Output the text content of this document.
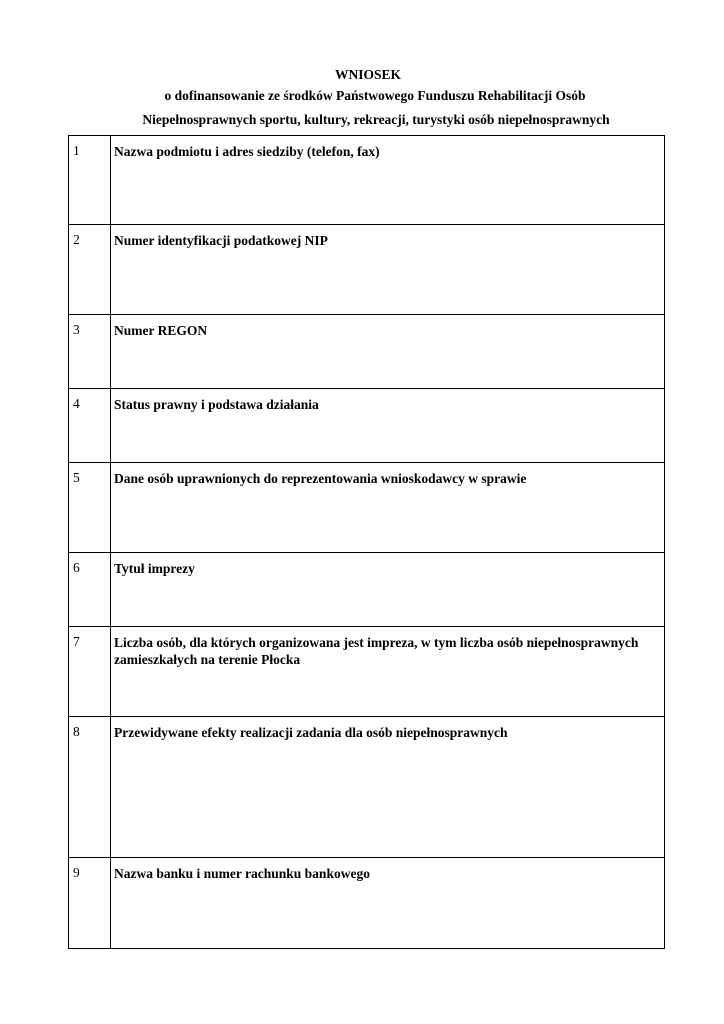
WNIOSEK

o dofinansowanie ze środków Państwowego Funduszu Rehabilitacji Osób

Niepełnosprawnych sportu, kultury, rekreacji, turystyki osób niepełnosprawnych

1	Nazwa podmiotu i adres siedziby (telefon, fax)

2	Numer identyfikacji podatkowej NIP

3	Numer REGON

4	Status prawny i podstawa działania

5	Dane osób uprawnionych do reprezentowania wnioskodawcy w sprawie

6	Tytuł imprezy

7	Liczba osób, dla których organizowana jest impreza, w tym liczba osób niepełnosprawnych zamieszkałych na terenie Płocka

8	Przewidywane efekty realizacji zadania dla osób niepełnosprawnych

9	Nazwa banku i numer rachunku bankowego
